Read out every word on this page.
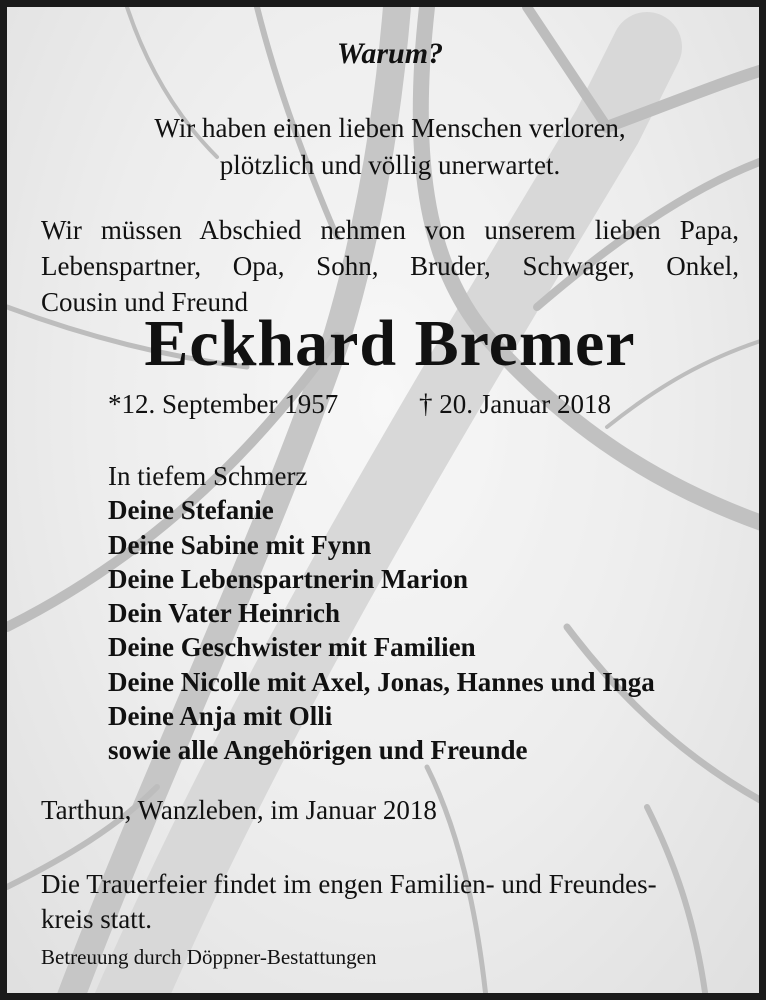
Warum?
Wir haben einen lieben Menschen verloren,
plötzlich und völlig unerwartet.
Wir müssen Abschied nehmen von unserem lieben Papa,
Lebenspartner, Opa, Sohn, Bruder, Schwager, Onkel,
Cousin und Freund
Eckhard Bremer
*12. September 1957	† 20. Januar 2018
In tiefem Schmerz
Deine Stefanie
Deine Sabine mit Fynn
Deine Lebenspartnerin Marion
Dein Vater Heinrich
Deine Geschwister mit Familien
Deine Nicolle mit Axel, Jonas, Hannes und Inga
Deine Anja mit Olli
sowie alle Angehörigen und Freunde
Tarthun, Wanzleben, im Januar 2018
Die Trauerfeier findet im engen Familien- und Freundes-
kreis statt.
Betreuung durch Döppner-Bestattungen
